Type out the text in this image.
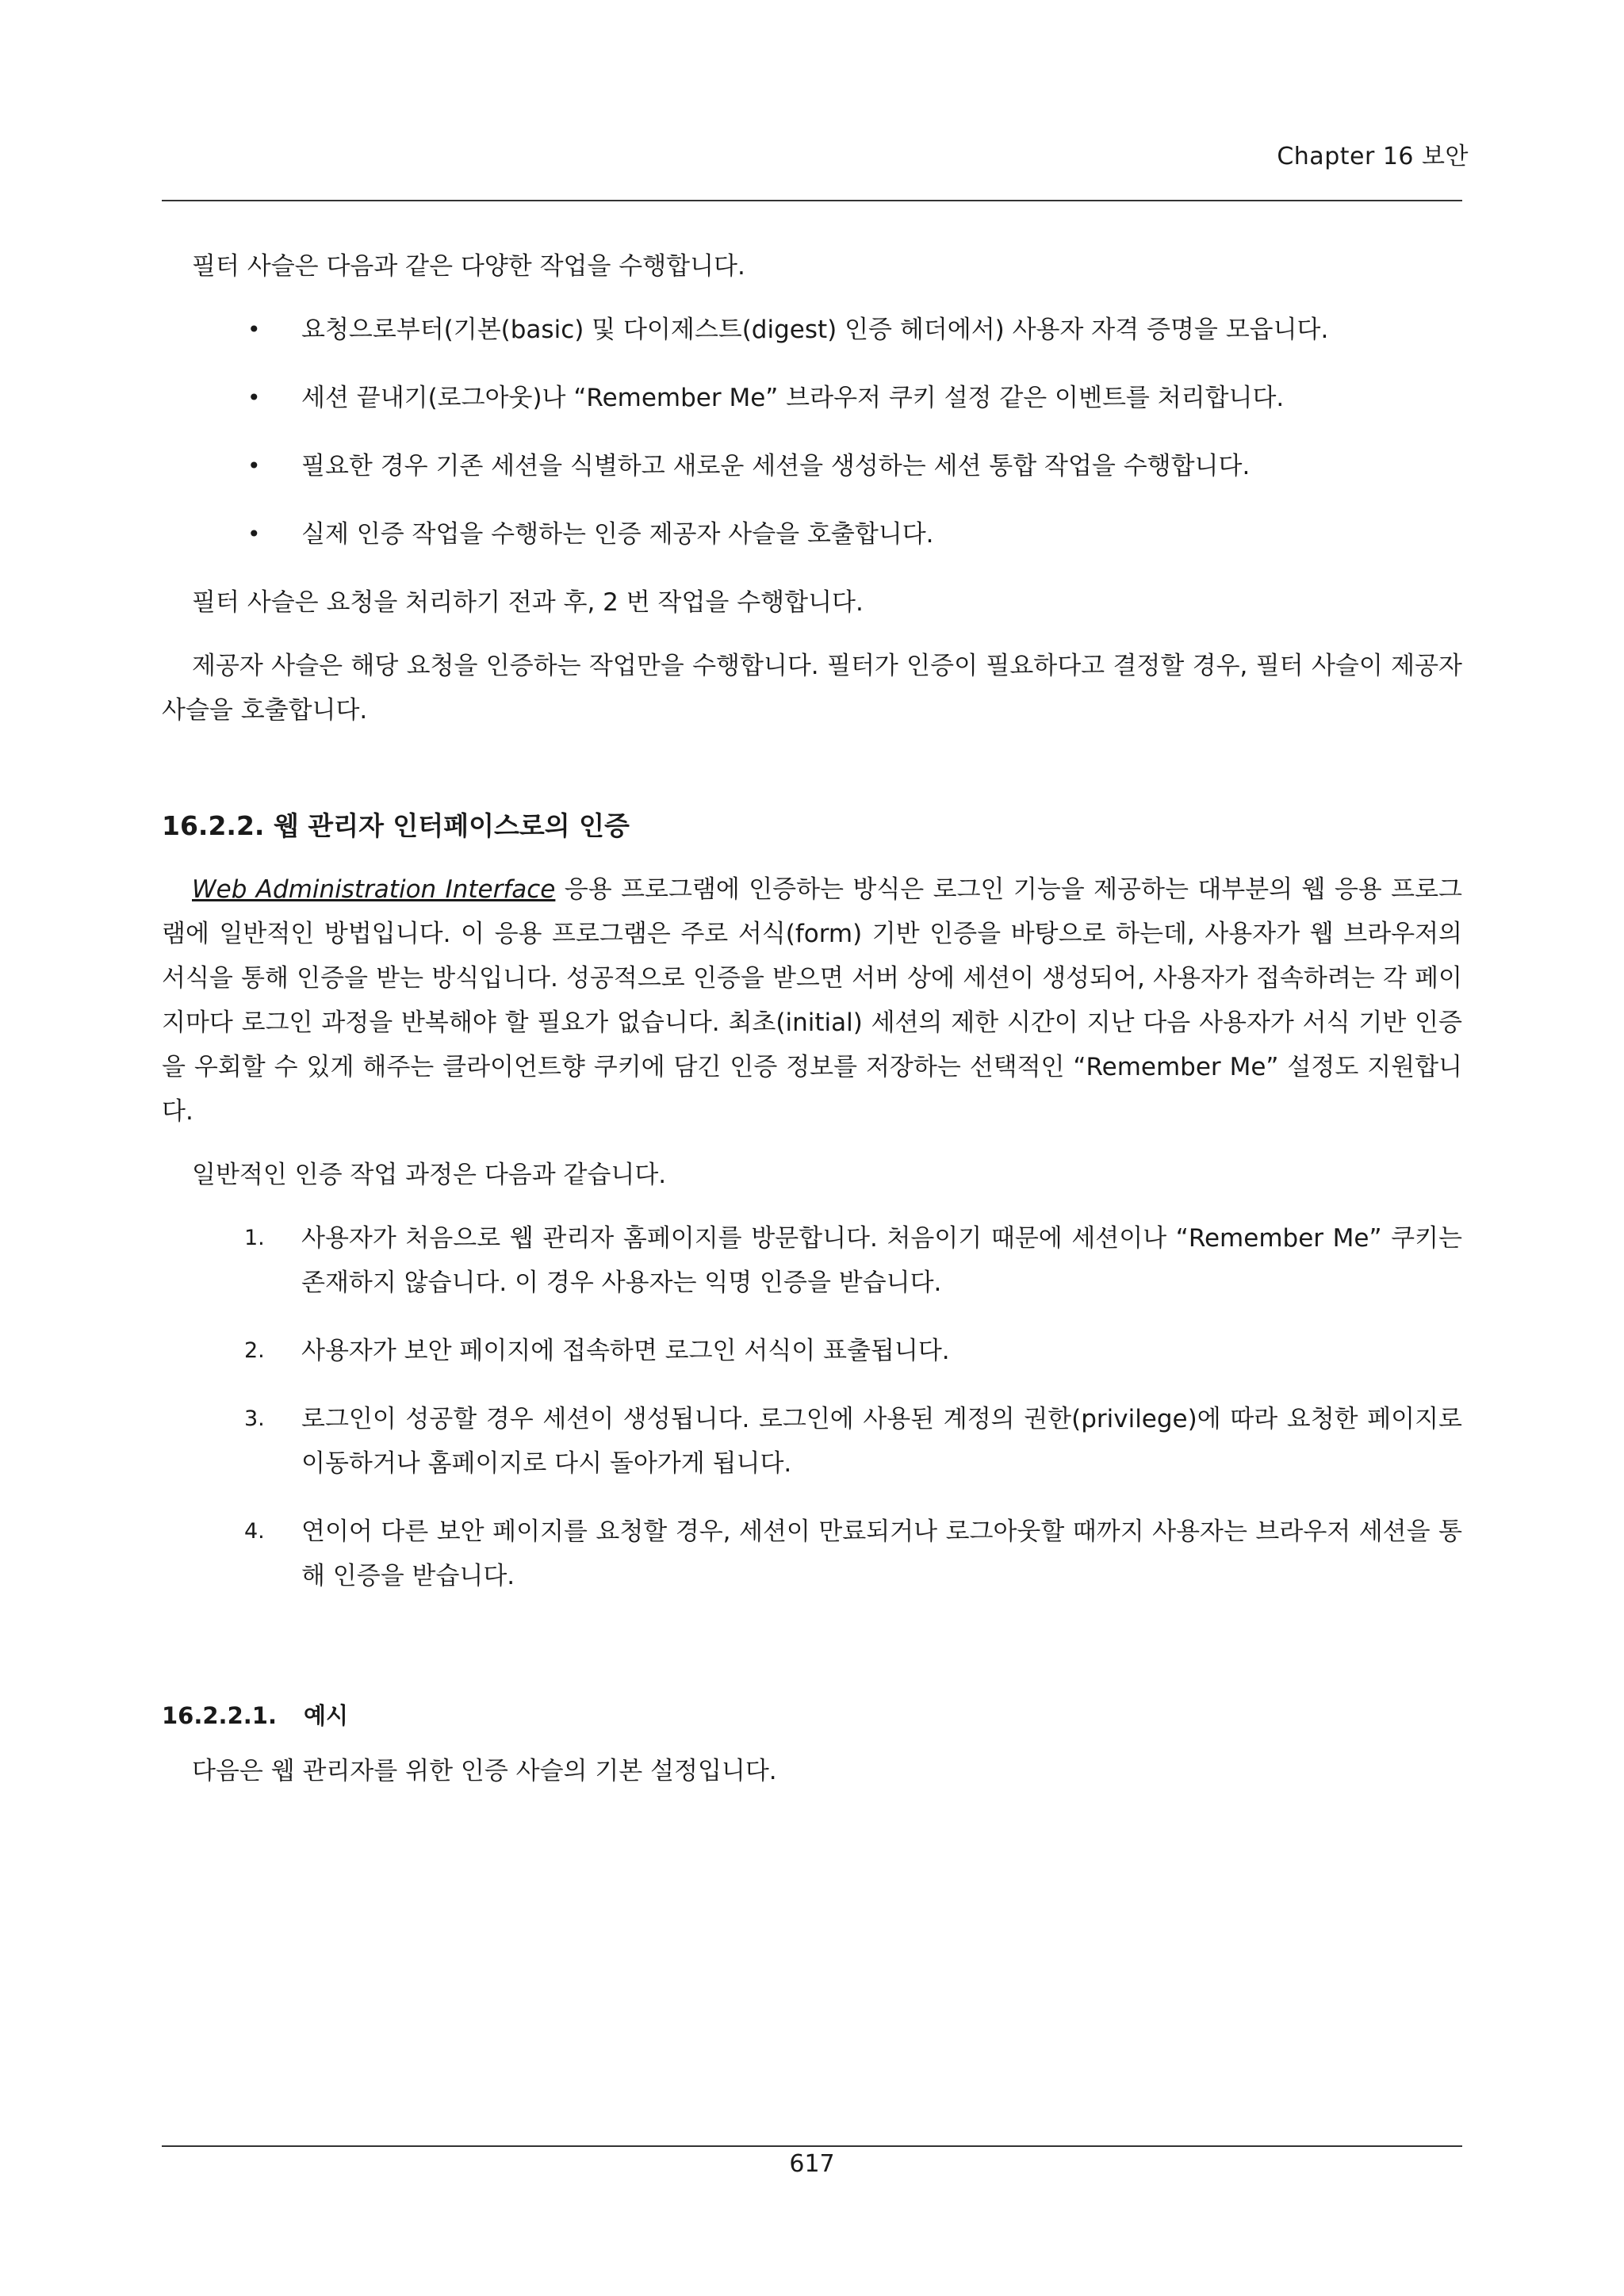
Chapter 16 보안

필터 사슬은 다음과 같은 다양한 작업을 수행합니다.

• 요청으로부터(기본(basic) 및 다이제스트(digest) 인증 헤더에서) 사용자 자격 증명을 모읍니다.
• 세션 끝내기(로그아웃)나 “Remember Me” 브라우저 쿠키 설정 같은 이벤트를 처리합니다.
• 필요한 경우 기존 세션을 식별하고 새로운 세션을 생성하는 세션 통합 작업을 수행합니다.
• 실제 인증 작업을 수행하는 인증 제공자 사슬을 호출합니다.

필터 사슬은 요청을 처리하기 전과 후, 2 번 작업을 수행합니다.

제공자 사슬은 해당 요청을 인증하는 작업만을 수행합니다. 필터가 인증이 필요하다고 결정할 경우, 필터 사슬이 제공자 사슬을 호출합니다.

16.2.2. 웹 관리자 인터페이스로의 인증

Web Administration Interface 응용 프로그램에 인증하는 방식은 로그인 기능을 제공하는 대부분의 웹 응용 프로그램에 일반적인 방법입니다. 이 응용 프로그램은 주로 서식(form) 기반 인증을 바탕으로 하는데, 사용자가 웹 브라우저의 서식을 통해 인증을 받는 방식입니다. 성공적으로 인증을 받으면 서버 상에 세션이 생성되어, 사용자가 접속하려는 각 페이지마다 로그인 과정을 반복해야 할 필요가 없습니다. 최초(initial) 세션의 제한 시간이 지난 다음 사용자가 서식 기반 인증을 우회할 수 있게 해주는 클라이언트향 쿠키에 담긴 인증 정보를 저장하는 선택적인 “Remember Me” 설정도 지원합니다.

일반적인 인증 작업 과정은 다음과 같습니다.

1. 사용자가 처음으로 웹 관리자 홈페이지를 방문합니다. 처음이기 때문에 세션이나 “Remember Me” 쿠키는 존재하지 않습니다. 이 경우 사용자는 익명 인증을 받습니다.
2. 사용자가 보안 페이지에 접속하면 로그인 서식이 표출됩니다.
3. 로그인이 성공할 경우 세션이 생성됩니다. 로그인에 사용된 계정의 권한(privilege)에 따라 요청한 페이지로 이동하거나 홈페이지로 다시 돌아가게 됩니다.
4. 연이어 다른 보안 페이지를 요청할 경우, 세션이 만료되거나 로그아웃할 때까지 사용자는 브라우저 세션을 통해 인증을 받습니다.
16.2.2.1. 예시

다음은 웹 관리자를 위한 인증 사슬의 기본 설정입니다.

617
